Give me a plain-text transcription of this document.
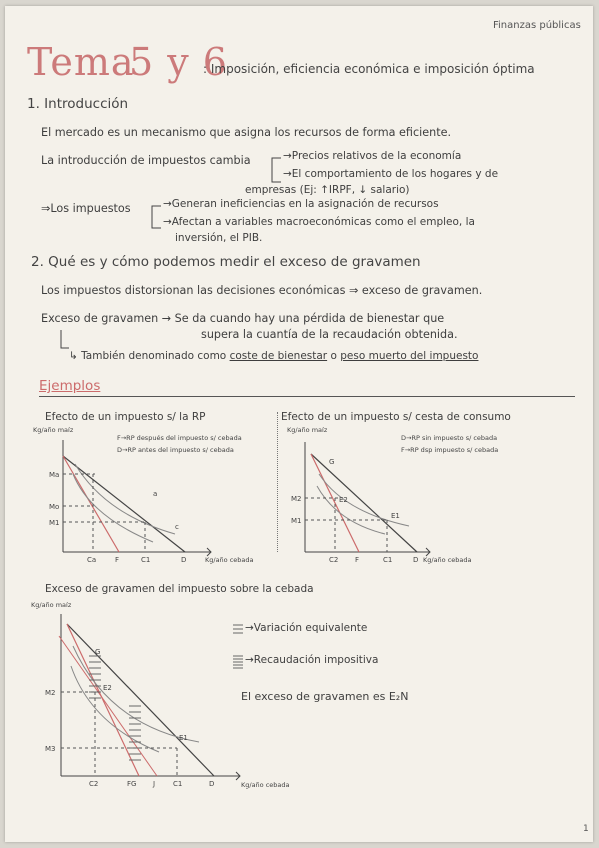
Finanzas públicas
Tema
5 y 6
: Imposición, eficiencia económica e imposición óptima
1. Introducción
El mercado es un mecanismo que asigna los recursos de forma eficiente.
La introducción de impuestos cambia	→Precios relativos de la economía
→El comportamiento de los hogares y de
empresas (Ej: ↑IRPF, ↓ salario)
⇒Los impuestos	→Generan ineficiencias en la asignación de recursos
→Afectan a variables macroeconómicas como el empleo, la
inversión, el PIB.
2. Qué es y cómo podemos medir el exceso de gravamen
Los impuestos distorsionan las decisiones económicas ⇒ exceso de gravamen.
Exceso de gravamen → Se da cuando hay una pérdida de bienestar que
supera la cuantía de la recaudación obtenida.
↳ También denominado como coste de bienestar o peso muerto del impuesto
Ejemplos
Efecto de un impuesto s/ la RP
Kg/año maíz
F→RP después del impuesto s/ cebada
D→RP antes del impuesto s/ cebada
Ma
Mo
M1
Ca	F	C1	D
a
c
Kg/año cebada
Efecto de un impuesto s/ cesta de consumo
Kg/año maíz
D→RP sin impuesto s/ cebada
F→RP dsp impuesto s/ cebada
M2
M1
C2 F	C1	D
G
E2
E1
Kg/año cebada
Exceso de gravamen del impuesto sobre la cebada
Kg/año maíz
M2
M3
C2	FG J	C1	D
G
E2
E1
Kg/año cebada
→Variación equivalente
→Recaudación impositiva
El exceso de gravamen es E₂N
1
